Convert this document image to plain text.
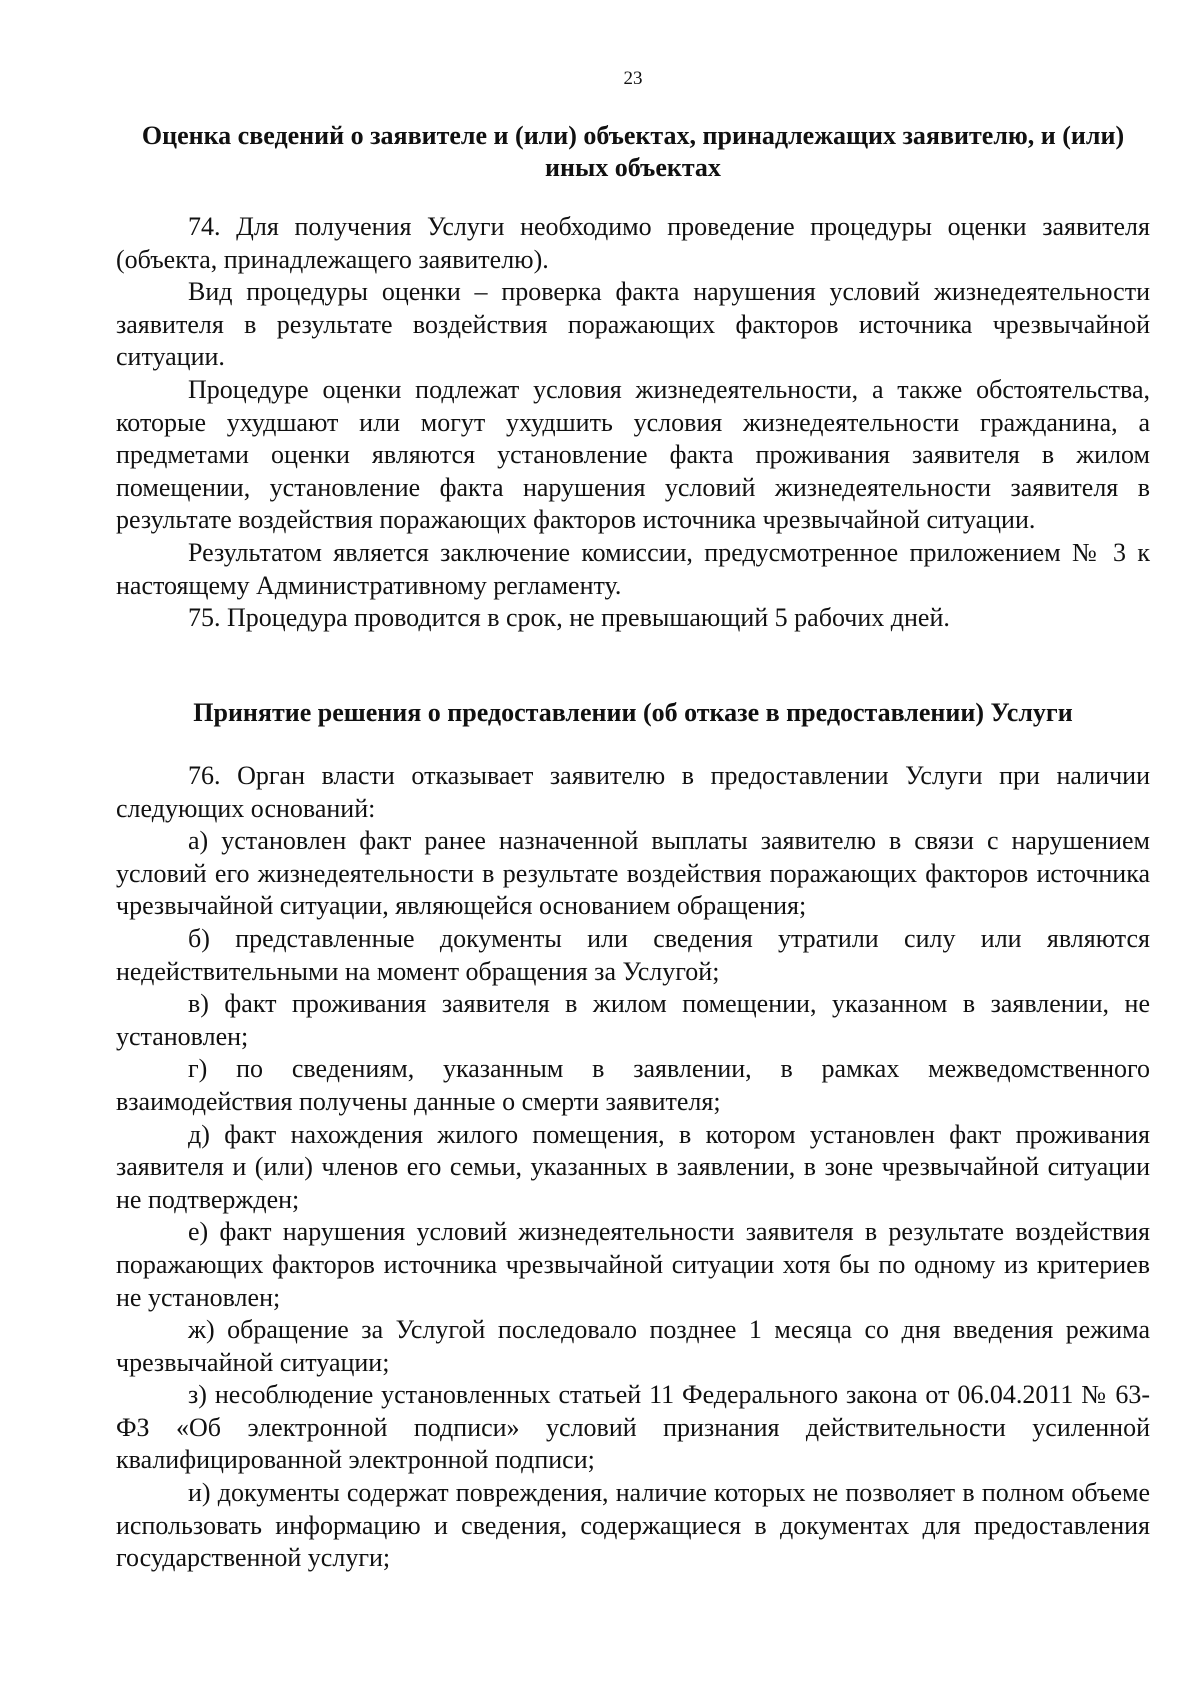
23
Оценка сведений о заявителе и (или) объектах, принадлежащих заявителю, и (или) иных объектах

74. Для получения Услуги необходимо проведение процедуры оценки заявителя (объекта, принадлежащего заявителю).

Вид процедуры оценки – проверка факта нарушения условий жизнедеятельности заявителя в результате воздействия поражающих факторов источника чрезвычайной ситуации.

Процедуре оценки подлежат условия жизнедеятельности, а также обстоятельства, которые ухудшают или могут ухудшить условия жизнедеятельности гражданина, а предметами оценки являются установление факта проживания заявителя в жилом помещении, установление факта нарушения условий жизнедеятельности заявителя в результате воздействия поражающих факторов источника чрезвычайной ситуации.

Результатом является заключение комиссии, предусмотренное приложением № 3 к настоящему Административному регламенту.

75. Процедура проводится в срок, не превышающий 5 рабочих дней.

Принятие решения о предоставлении (об отказе в предоставлении) Услуги

76. Орган власти отказывает заявителю в предоставлении Услуги при наличии следующих оснований:

а) установлен факт ранее назначенной выплаты заявителю в связи с нарушением условий его жизнедеятельности в результате воздействия поражающих факторов источника чрезвычайной ситуации, являющейся основанием обращения;

б) представленные документы или сведения утратили силу или являются недействительными на момент обращения за Услугой;

в) факт проживания заявителя в жилом помещении, указанном в заявлении, не установлен;

г) по сведениям, указанным в заявлении, в рамках межведомственного взаимодействия получены данные о смерти заявителя;

д) факт нахождения жилого помещения, в котором установлен факт проживания заявителя и (или) членов его семьи, указанных в заявлении, в зоне чрезвычайной ситуации не подтвержден;

е) факт нарушения условий жизнедеятельности заявителя в результате воздействия поражающих факторов источника чрезвычайной ситуации хотя бы по одному из критериев не установлен;

ж) обращение за Услугой последовало позднее 1 месяца со дня введения режима чрезвычайной ситуации;

з) несоблюдение установленных статьей 11 Федерального закона от 06.04.2011 № 63-ФЗ «Об электронной подписи» условий признания действительности усиленной квалифицированной электронной подписи;

и) документы содержат повреждения, наличие которых не позволяет в полном объеме использовать информацию и сведения, содержащиеся в документах для предоставления государственной услуги;
